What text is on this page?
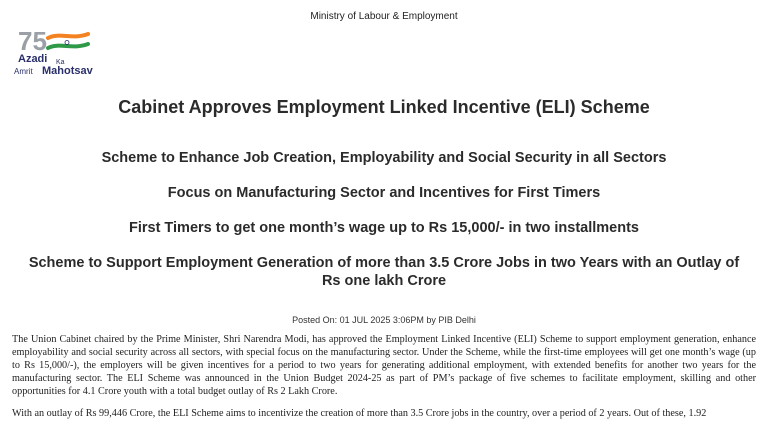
Ministry of Labour & Employment
75
Azadi Ka
Amrit Mahotsav
Cabinet Approves Employment Linked Incentive (ELI) Scheme
Scheme to Enhance Job Creation, Employability and Social Security in all Sectors
Focus on Manufacturing Sector and Incentives for First Timers
First Timers to get one month’s wage up to Rs 15,000/- in two installments
Scheme to Support Employment Generation of more than 3.5 Crore Jobs in two Years with an Outlay of Rs one lakh Crore
Posted On: 01 JUL 2025 3:06PM by PIB Delhi

The Union Cabinet chaired by the Prime Minister, Shri Narendra Modi, has approved the Employment Linked Incentive (ELI) Scheme to support employment generation, enhance employability and social security across all sectors, with special focus on the manufacturing sector. Under the Scheme, while the first-time employees will get one month’s wage (up to Rs 15,000/-), the employers will be given incentives for a period to two years for generating additional employment, with extended benefits for another two years for the manufacturing sector. The ELI Scheme was announced in the Union Budget 2024-25 as part of PM’s package of five schemes to facilitate employment, skilling and other opportunities for 4.1 Crore youth with a total budget outlay of Rs 2 Lakh Crore.

With an outlay of Rs 99,446 Crore, the ELI Scheme aims to incentivize the creation of more than 3.5 Crore jobs in the country, over a period of 2 years. Out of these, 1.92
